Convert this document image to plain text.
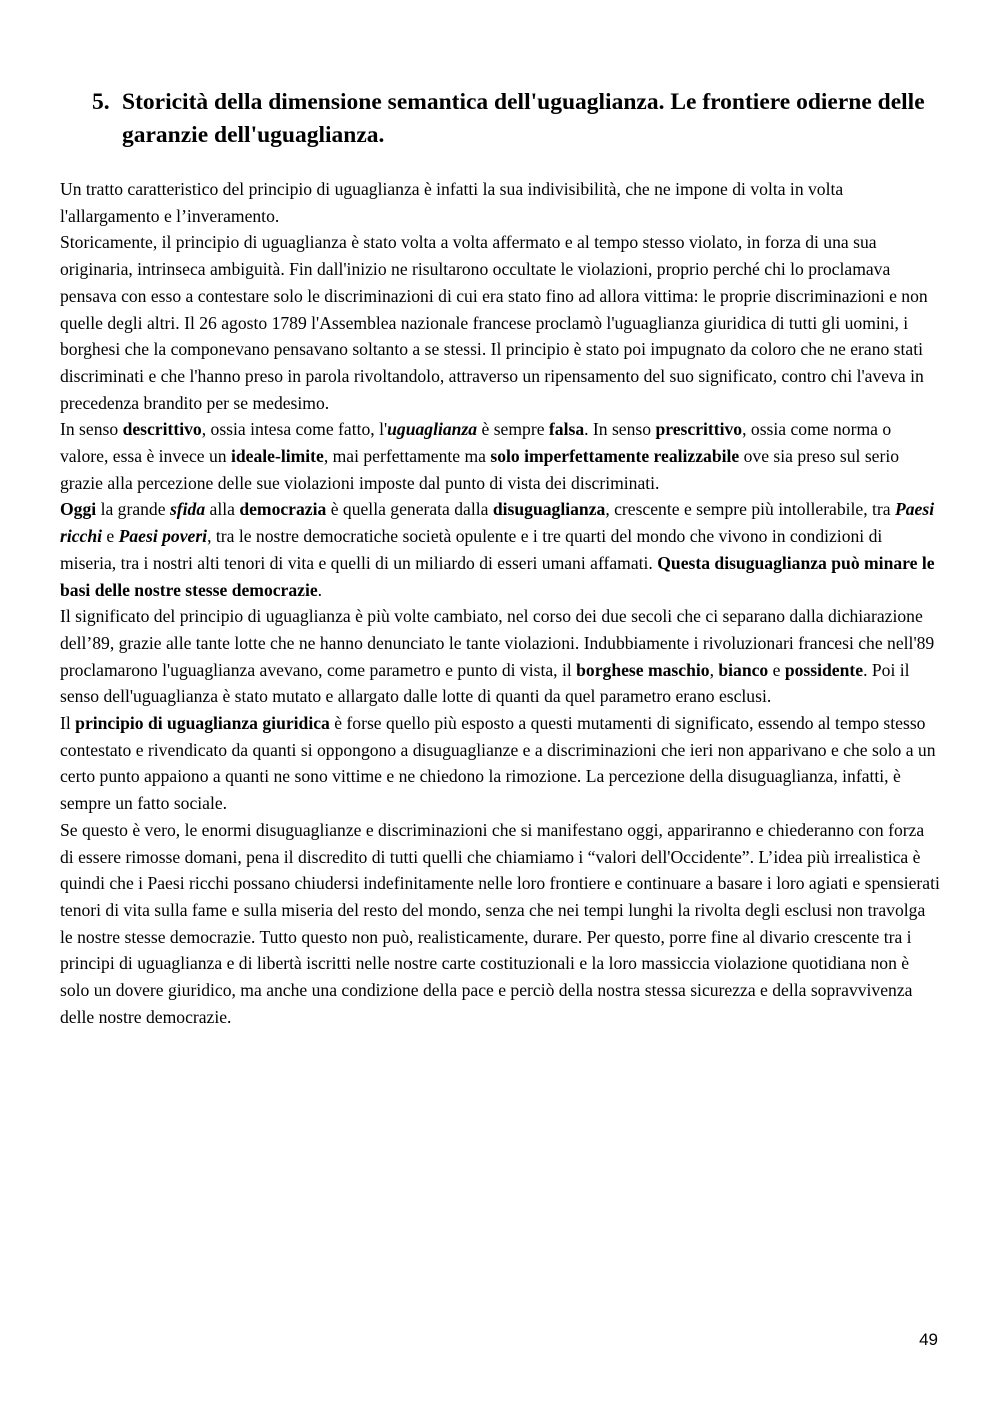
5. Storicità della dimensione semantica dell'uguaglianza. Le frontiere odierne delle garanzie dell'uguaglianza.

Un tratto caratteristico del principio di uguaglianza è infatti la sua indivisibilità, che ne impone di volta in volta l'allargamento e l’inveramento.

Storicamente, il principio di uguaglianza è stato volta a volta affermato e al tempo stesso violato, in forza di una sua originaria, intrinseca ambiguità. Fin dall'inizio ne risultarono occultate le violazioni, proprio perché chi lo proclamava pensava con esso a contestare solo le discriminazioni di cui era stato fino ad allora vittima: le proprie discriminazioni e non quelle degli altri. Il 26 agosto 1789 l'Assemblea nazionale francese proclamò l'uguaglianza giuridica di tutti gli uomini, i borghesi che la componevano pensavano soltanto a se stessi. Il principio è stato poi impugnato da coloro che ne erano stati discriminati e che l'hanno preso in parola rivoltandolo, attraverso un ripensamento del suo significato, contro chi l'aveva in precedenza brandito per se medesimo.

In senso descrittivo, ossia intesa come fatto, l'uguaglianza è sempre falsa. In senso prescrittivo, ossia come norma o valore, essa è invece un ideale-limite, mai perfettamente ma solo imperfettamente realizzabile ove sia preso sul serio grazie alla percezione delle sue violazioni imposte dal punto di vista dei discriminati.

Oggi la grande sfida alla democrazia è quella generata dalla disuguaglianza, crescente e sempre più intollerabile, tra Paesi ricchi e Paesi poveri, tra le nostre democratiche società opulente e i tre quarti del mondo che vivono in condizioni di miseria, tra i nostri alti tenori di vita e quelli di un miliardo di esseri umani affamati. Questa disuguaglianza può minare le basi delle nostre stesse democrazie.

Il significato del principio di uguaglianza è più volte cambiato, nel corso dei due secoli che ci separano dalla dichiarazione dell’89, grazie alle tante lotte che ne hanno denunciato le tante violazioni. Indubbiamente i rivoluzionari francesi che nell'89 proclamarono l'uguaglianza avevano, come parametro e punto di vista, il borghese maschio, bianco e possidente. Poi il senso dell'uguaglianza è stato mutato e allargato dalle lotte di quanti da quel parametro erano esclusi.

Il principio di uguaglianza giuridica è forse quello più esposto a questi mutamenti di significato, essendo al tempo stesso contestato e rivendicato da quanti si oppongono a disuguaglianze e a discriminazioni che ieri non apparivano e che solo a un certo punto appaiono a quanti ne sono vittime e ne chiedono la rimozione. La percezione della disuguaglianza, infatti, è sempre un fatto sociale.

Se questo è vero, le enormi disuguaglianze e discriminazioni che si manifestano oggi, appariranno e chiederanno con forza di essere rimosse domani, pena il discredito di tutti quelli che chiamiamo i “valori dell'Occidente”. L’idea più irrealistica è quindi che i Paesi ricchi possano chiudersi indefinitamente nelle loro frontiere e continuare a basare i loro agiati e spensierati tenori di vita sulla fame e sulla miseria del resto del mondo, senza che nei tempi lunghi la rivolta degli esclusi non travolga le nostre stesse democrazie. Tutto questo non può, realisticamente, durare. Per questo, porre fine al divario crescente tra i principi di uguaglianza e di libertà iscritti nelle nostre carte costituzionali e la loro massiccia violazione quotidiana non è solo un dovere giuridico, ma anche una condizione della pace e perciò della nostra stessa sicurezza e della sopravvivenza delle nostre democrazie.

49
